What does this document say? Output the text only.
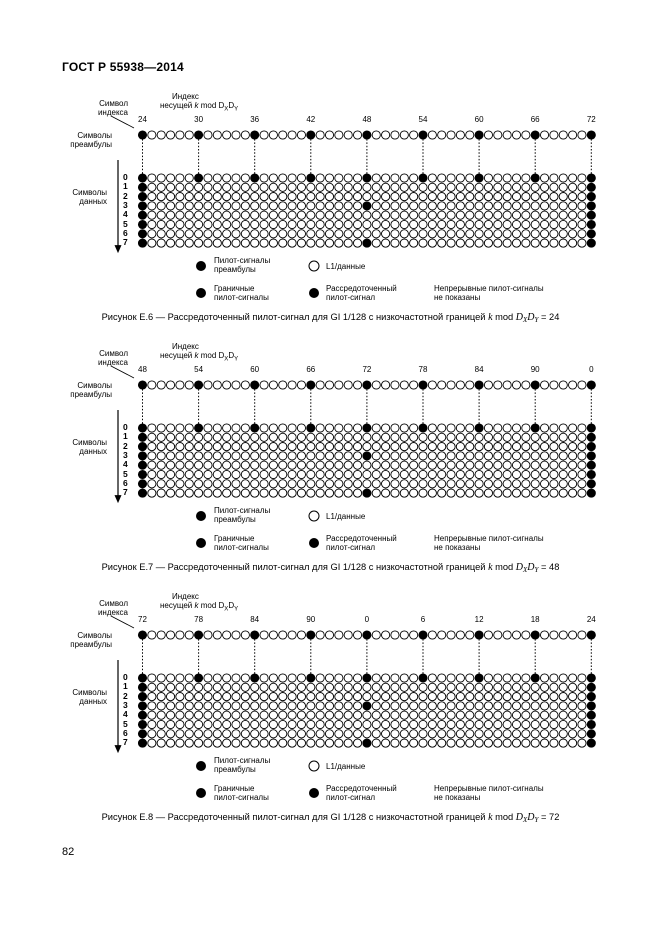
ГОСТ Р 55938—2014
Индекс
несущей k mod $D_XD_Y$
Символ
индекса
Символы
преамбулы
Символы
данных
24	30	36	42	48	54	60	66	72
0
1
2
3
4
5
6
7
Пилот-сигналы
преамбулы	L1/данные
Граничные
пилот-сигналы
Рассредоточенный
пилот-сигнал
Непрерывные пилот-сигналы
не показаны
Рисунок Е.6 — Рассредоточенный пилот-сигнал для GI 1/128 с низкочастотной границей k mod $D_XD_Y = 24$
Индекс
несущей k mod $D_XD_Y$
Символ
индекса
Символы
преамбулы
Символы
данных
48	54	60	66	72	78	84	90	0
0
1
2
3
4
5
6
7
Пилот-сигналы
преамбулы	L1/данные
Граничные
пилот-сигналы
Рассредоточенный
пилот-сигнал
Непрерывные пилот-сигналы
не показаны
Рисунок Е.7 — Рассредоточенный пилот-сигнал для GI 1/128 с низкочастотной границей k mod $D_XD_Y = 48$
Индекс
несущей k mod $D_XD_Y$
Символ
индекса
Символы
преамбулы
Символы
данных
72	78	84	90	0	6	12	18	24
0
1
2
3
4
5
6
7
Пилот-сигналы
преамбулы	L1/данные
Граничные
пилот-сигналы
Рассредоточенный
пилот-сигнал
Непрерывные пилот-сигналы
не показаны
Рисунок Е.8 — Рассредоточенный пилот-сигнал для GI 1/128 с низкочастотной границей k mod $D_XD_Y = 72$
82
